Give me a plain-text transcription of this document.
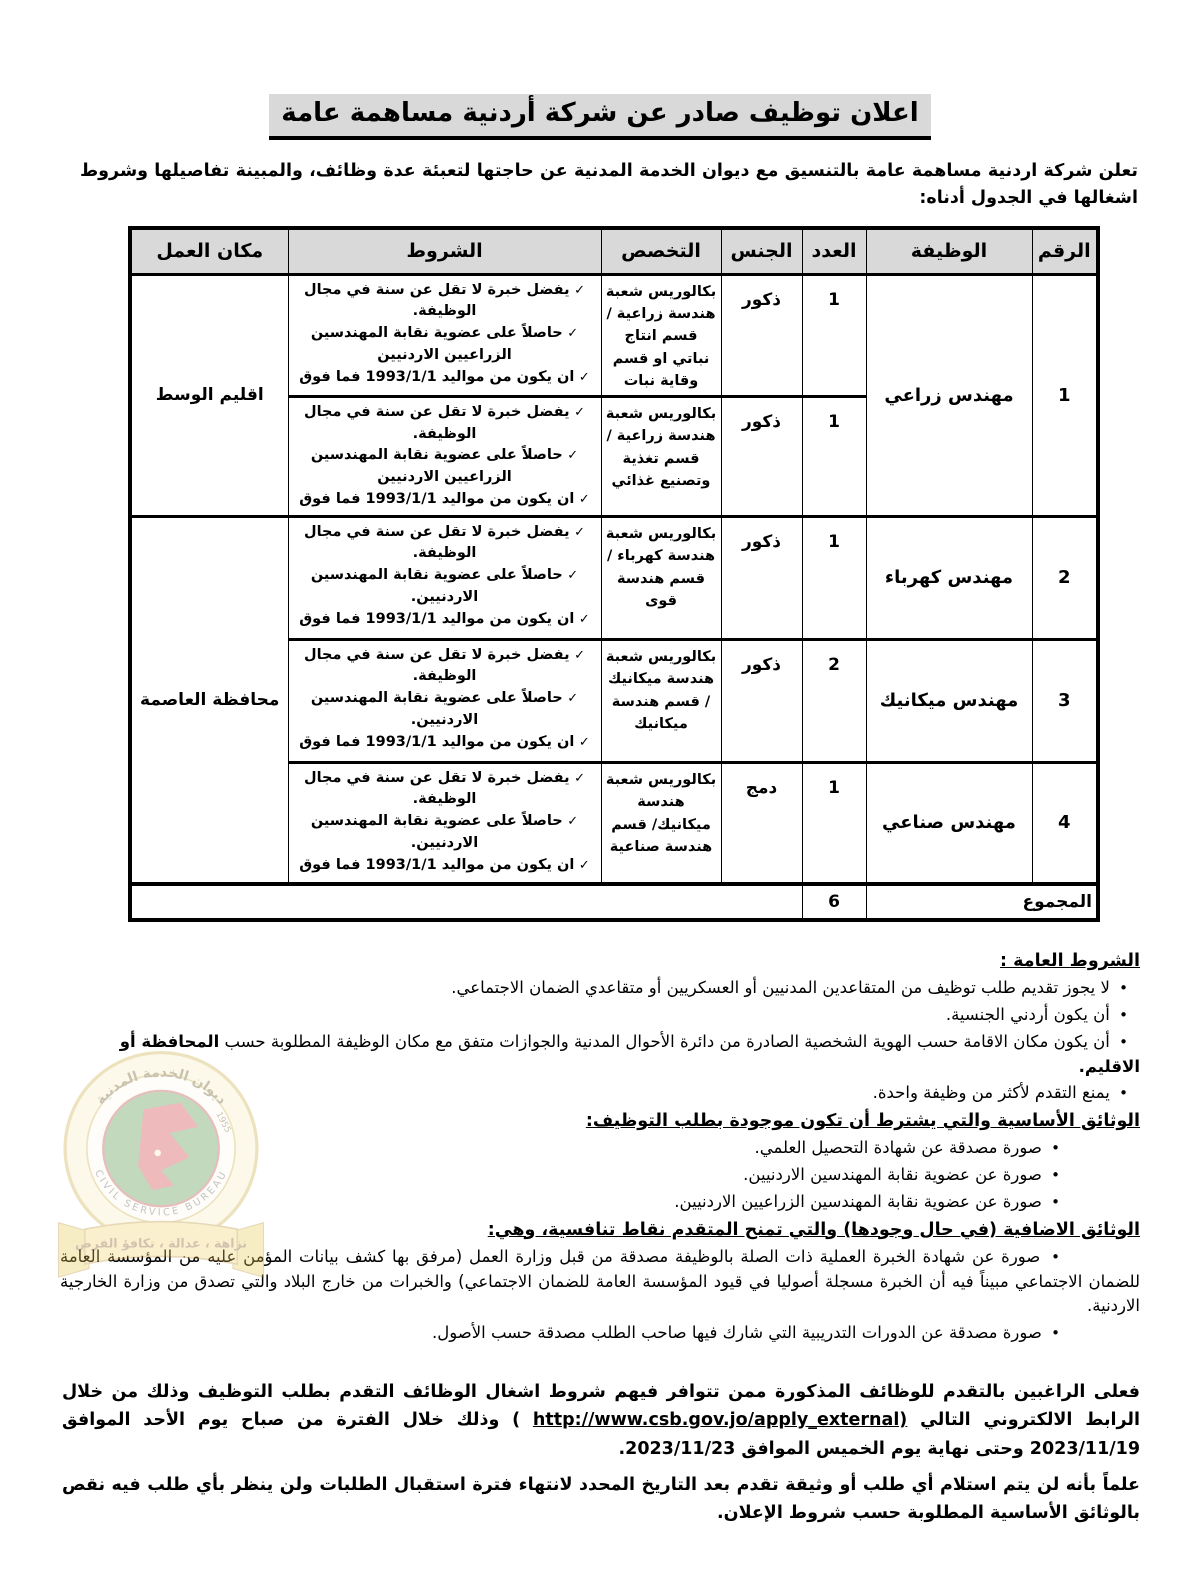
اعلان توظيف صادر عن شركة أردنية مساهمة عامة

تعلن شركة اردنية مساهمة عامة بالتنسيق مع ديوان الخدمة المدنية عن حاجتها لتعبئة عدة وظائف، والمبينة تفاصيلها وشروط اشغالها في الجدول أدناه:

الرقم	الوظيفة	العدد	الجنس	التخصص	الشروط	مكان العمل
1	مهندس زراعي	1	ذكور	بكالوريس شعبة هندسة زراعية / قسم انتاج نباتي او قسم وقاية نبات	✓ يفضل خبرة لا تقل عن سنة في مجال الوظيفة.
✓ حاصلاً على عضوية نقابة المهندسين الزراعيين الاردنيين
✓ ان يكون من مواليد 1993/1/1 فما فوق	اقليم الوسط
		1	ذكور	بكالوريس شعبة هندسة زراعية / قسم تغذية وتصنيع غذائي	✓ يفضل خبرة لا تقل عن سنة في مجال الوظيفة.
✓ حاصلاً على عضوية نقابة المهندسين الزراعيين الاردنيين
✓ ان يكون من مواليد 1993/1/1 فما فوق	

2	مهندس كهرباء	1	ذكور	بكالوريس شعبة هندسة كهرباء / قسم هندسة قوى	✓ يفضل خبرة لا تقل عن سنة في مجال الوظيفة.
✓ حاصلاً على عضوية نقابة المهندسين الاردنيين.
✓ ان يكون من مواليد 1993/1/1 فما فوق	محافظة العاصمة
3	مهندس ميكانيك	2	ذكور	بكالوريس شعبة هندسة ميكانيك / قسم هندسة ميكانيك	✓ يفضل خبرة لا تقل عن سنة في مجال الوظيفة.
✓ حاصلاً على عضوية نقابة المهندسين الاردنيين.
✓ ان يكون من مواليد 1993/1/1 فما فوق	

4	مهندس صناعي	1	دمج	بكالوريس شعبة هندسة ميكانيك/ قسم هندسة صناعية	✓ يفضل خبرة لا تقل عن سنة في مجال الوظيفة.
✓ حاصلاً على عضوية نقابة المهندسين الاردنيين.
✓ ان يكون من مواليد 1993/1/1 فما فوق	

المجموع		6				
الشروط العامة :
• لا يجوز تقديم طلب توظيف من المتقاعدين المدنيين أو العسكريين أو متقاعدي الضمان الاجتماعي.
• أن يكون أردني الجنسية.
• أن يكون مكان الاقامة حسب الهوية الشخصية الصادرة من دائرة الأحوال المدنية والجوازات متفق مع مكان الوظيفة المطلوبة حسب المحافظة أو الاقليم.
• يمنع التقدم لأكثر من وظيفة واحدة.
الوثائق الأساسية والتي يشترط أن تكون موجودة بطلب التوظيف:
• صورة مصدقة عن شهادة التحصيل العلمي.
• صورة عن عضوية نقابة المهندسين الاردنيين.
• صورة عن عضوية نقابة المهندسين الزراعيين الاردنيين.
الوثائق الاضافية (في حال وجودها) والتي تمنح المتقدم نقاط تنافسية، وهي:
• صورة عن شهادة الخبرة العملية ذات الصلة بالوظيفة مصدقة من قبل وزارة العمل (مرفق بها كشف بيانات المؤمن عليه من المؤسسة العامة للضمان الاجتماعي مبيناً فيه أن الخبرة مسجلة أصوليا في قيود المؤسسة العامة للضمان الاجتماعي) والخبرات من خارج البلاد والتي تصدق من وزارة الخارجية الاردنية.
• صورة مصدقة عن الدورات التدريبية التي شارك فيها صاحب الطلب مصدقة حسب الأصول.

فعلى الراغبين بالتقدم للوظائف المذكورة ممن تتوافر فيهم شروط اشغال الوظائف التقدم بطلب التوظيف وذلك من خلال الرابط الالكتروني التالي ( http://www.csb.gov.jo/apply_external) وذلك خلال الفترة من صباح يوم الأحد الموافق 2023/11/19 وحتى نهاية يوم الخميس الموافق 2023/11/23.

علماً بأنه لن يتم استلام أي طلب أو وثيقة تقدم بعد التاريخ المحدد لانتهاء فترة استقبال الطلبات ولن ينظر بأي طلب فيه نقص بالوثائق الأساسية المطلوبة حسب شروط الإعلان.

ديوان الخدمة المدنية
CIVIL SERVICE BUREAU
1955
نزاهة ، عدالة ، تكافؤ الفرص
